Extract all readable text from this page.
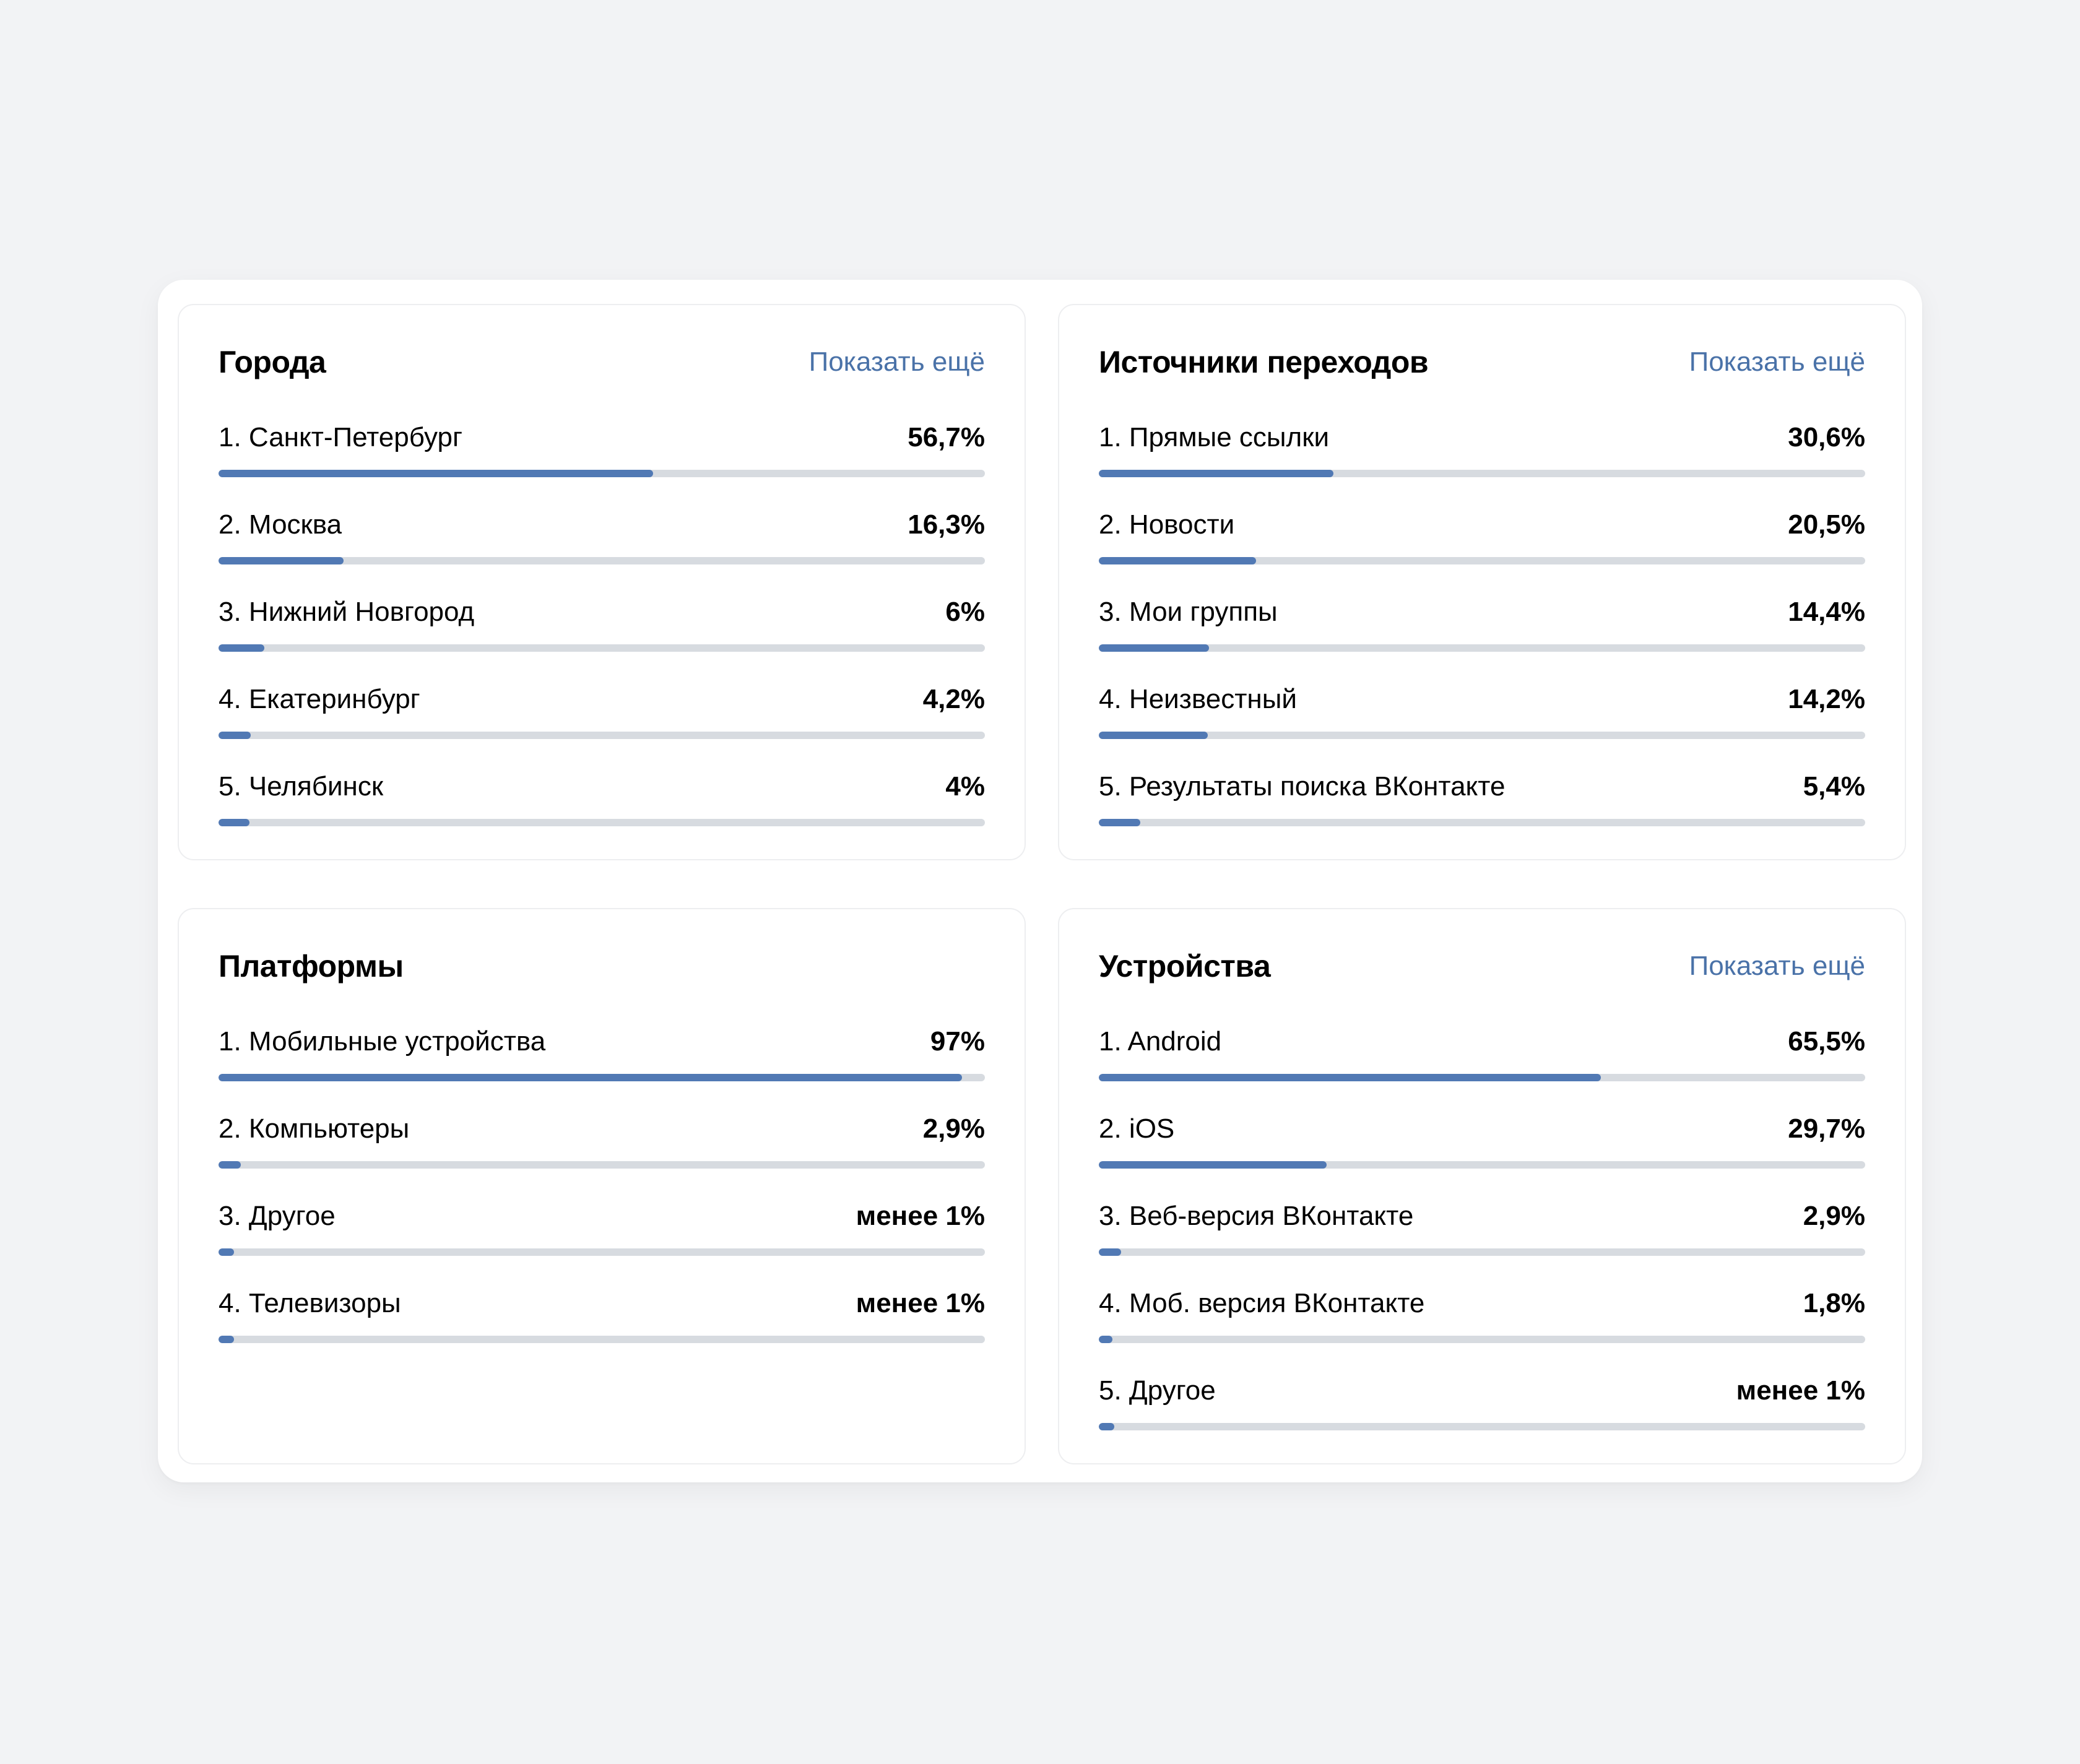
Города	Показать ещё
1. Санкт-Петербург	56,7%
2. Москва	16,3%
3. Нижний Новгород	6%
4. Екатеринбург	4,2%
5. Челябинск	4%
Источники переходов	Показать ещё
1. Прямые ссылки	30,6%
2. Новости	20,5%
3. Мои группы	14,4%
4. Неизвестный	14,2%
5. Результаты поиска ВКонтакте	5,4%
Платформы
1. Мобильные устройства	97%
2. Компьютеры	2,9%
3. Другое	менее 1%
4. Телевизоры	менее 1%
Устройства	Показать ещё
1. Android	65,5%
2. iOS	29,7%
3. Веб-версия ВКонтакте	2,9%
4. Моб. версия ВКонтакте	1,8%
5. Другое	менее 1%
